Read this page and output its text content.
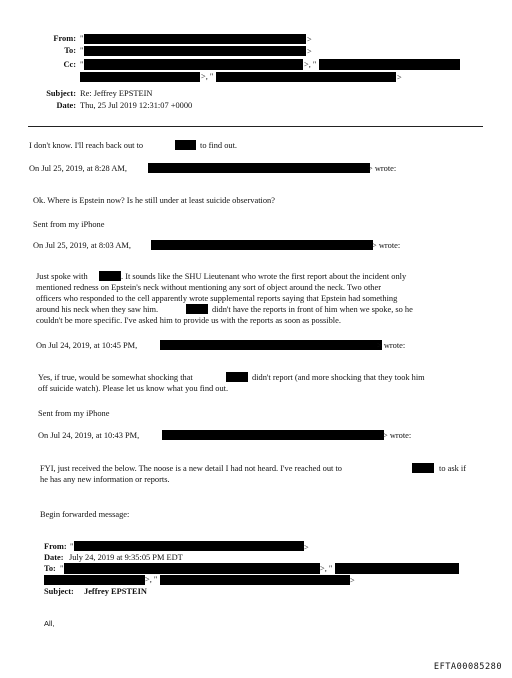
From: "	>
To: "	>
Cc: "	>, "
>, "	>
Subject: Re: Jeffrey EPSTEIN
Date: Thu, 25 Jul 2019 12:31:07 +0000
I don't know. I'll reach back out to	to find out.
On Jul 25, 2019, at 8:28 AM,	> wrote:
Ok. Where is Epstein now? Is he still under at least suicide observation?
Sent from my iPhone
On Jul 25, 2019, at 8:03 AM,	> wrote:
Just spoke with	. It sounds like the SHU Lieutenant who wrote the first report about the incident only
mentioned redness on Epstein's neck without mentioning any sort of object around the neck. Two other
officers who responded to the cell apparently wrote supplemental reports saying that Epstein had something
around his neck when they saw him.	didn't have the reports in front of him when we spoke, so he
couldn't be more specific. I've asked him to provide us with the reports as soon as possible.
On Jul 24, 2019, at 10:45 PM,	> wrote:
Yes, if true, would be somewhat shocking that	didn't report (and more shocking that they took him
off suicide watch). Please let us know what you find out.
Sent from my iPhone
On Jul 24, 2019, at 10:43 PM,	> wrote:
FYI, just received the below. The noose is a new detail I had not heard. I've reached out to	to ask if
he has any new information or reports.
Begin forwarded message:
From: "	>
Date: July 24, 2019 at 9:35:05 PM EDT
To: "	>, "
>, "	>
Subject: Jeffrey EPSTEIN
All,
EFTA00085280
